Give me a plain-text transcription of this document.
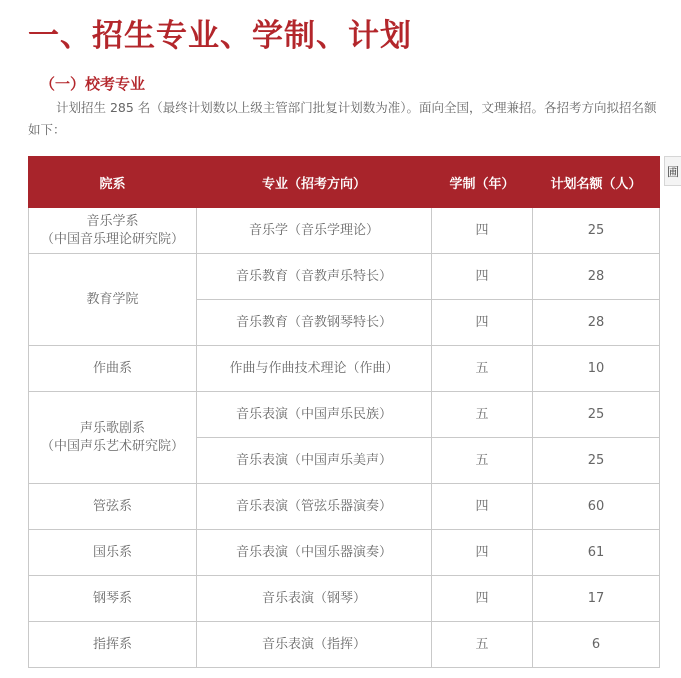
一、招生专业、学制、计划
（一）校考专业
计划招生 285 名（最终计划数以上级主管部门批复计划数为准）。面向全国，文理兼招。各招考方向拟招名额如下：
院系	专业（招考方向）	学制（年）	计划名额（人）
音乐学系
（中国音乐理论研究院）	音乐学（音乐学理论）	四	25
教育学院	音乐教育（音教声乐特长）	四	28
	音乐教育（音教钢琴特长）	四	28
作曲系	作曲与作曲技术理论（作曲）	五	10
声乐歌剧系
（中国声乐艺术研究院）	音乐表演（中国声乐民族）	五	25
	音乐表演（中国声乐美声）	五	25
管弦系	音乐表演（管弦乐器演奏）	四	60
国乐系	音乐表演（中国乐器演奏）	四	61
钢琴系	音乐表演（钢琴）	四	17
指挥系	音乐表演（指挥）	五	6
圃
